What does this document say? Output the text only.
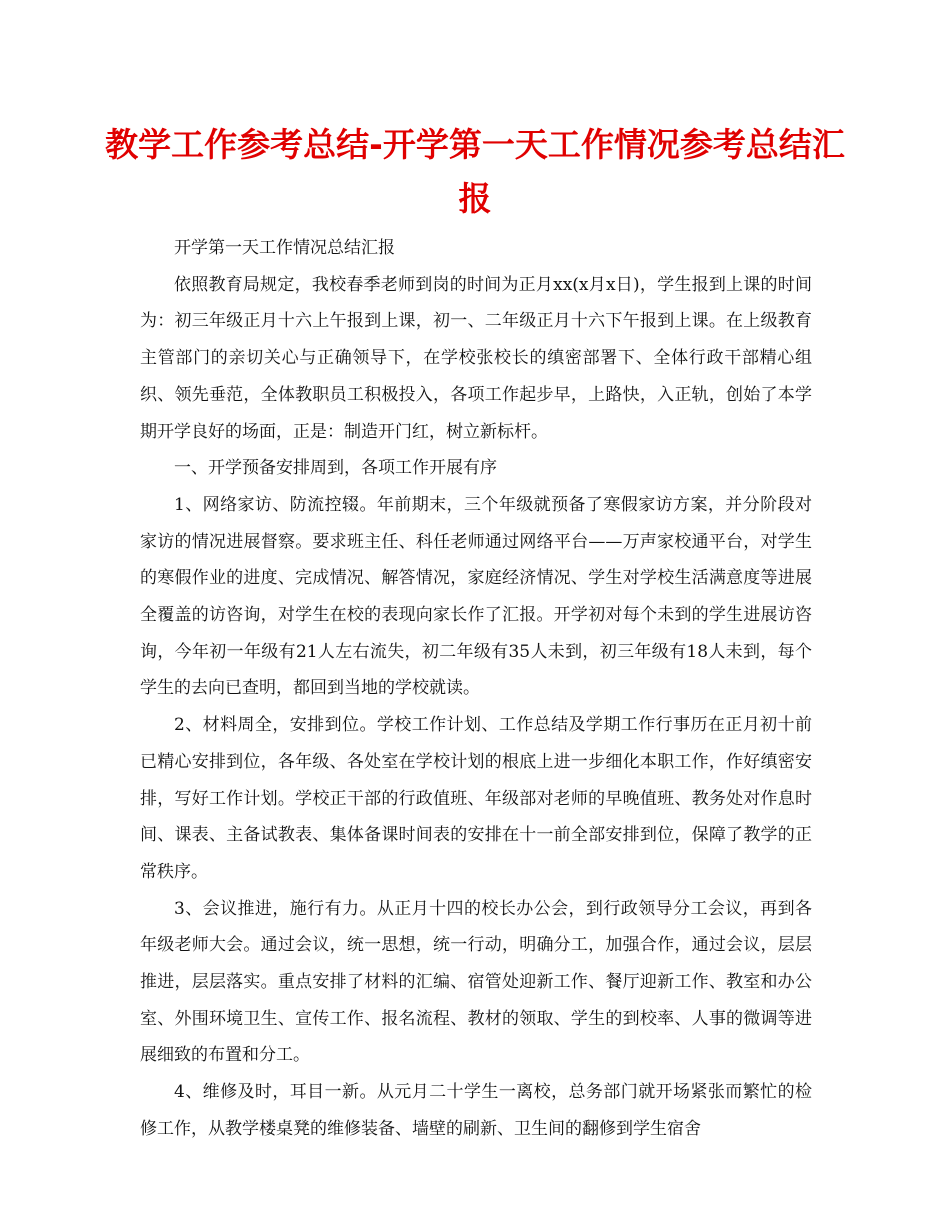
教学工作参考总结-开学第一天工作情况参考总结汇报

开学第一天工作情况总结汇报

依照教育局规定，我校春季老师到岗的时间为正月xx(x月x日)，学生报到上课的时间为：初三年级正月十六上午报到上课，初一、二年级正月十六下午报到上课。在上级教育主管部门的亲切关心与正确领导下，在学校张校长的缜密部署下、全体行政干部精心组织、领先垂范，全体教职员工积极投入，各项工作起步早，上路快，入正轨，创始了本学期开学良好的场面，正是：制造开门红，树立新标杆。

一、开学预备安排周到，各项工作开展有序

1、网络家访、防流控辍。年前期末，三个年级就预备了寒假家访方案，并分阶段对家访的情况进展督察。要求班主任、科任老师通过网络平台——万声家校通平台，对学生的寒假作业的进度、完成情况、解答情况，家庭经济情况、学生对学校生活满意度等进展全覆盖的访咨询，对学生在校的表现向家长作了汇报。开学初对每个未到的学生进展访咨询，今年初一年级有21人左右流失，初二年级有35人未到，初三年级有18人未到，每个学生的去向已查明，都回到当地的学校就读。

2、材料周全，安排到位。学校工作计划、工作总结及学期工作行事历在正月初十前已精心安排到位，各年级、各处室在学校计划的根底上进一步细化本职工作，作好缜密安排，写好工作计划。学校正干部的行政值班、年级部对老师的早晚值班、教务处对作息时间、课表、主备试教表、集体备课时间表的安排在十一前全部安排到位，保障了教学的正常秩序。

3、会议推进，施行有力。从正月十四的校长办公会，到行政领导分工会议，再到各年级老师大会。通过会议，统一思想，统一行动，明确分工，加强合作，通过会议，层层推进，层层落实。重点安排了材料的汇编、宿管处迎新工作、餐厅迎新工作、教室和办公室、外围环境卫生、宣传工作、报名流程、教材的领取、学生的到校率、人事的微调等进展细致的布置和分工。

4、维修及时，耳目一新。从元月二十学生一离校，总务部门就开场紧张而繁忙的检修工作，从教学楼桌凳的维修装备、墙壁的刷新、卫生间的翻修到学生宿舍
